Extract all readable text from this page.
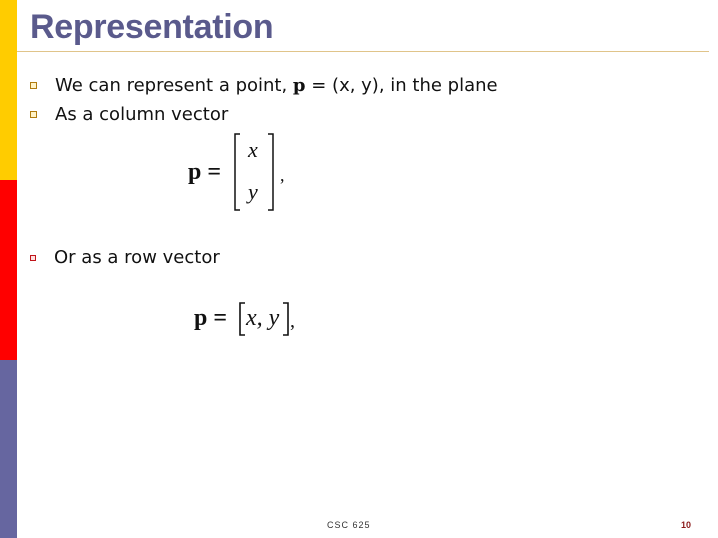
Representation
We can represent a point, p = (x, y), in the plane
As a column vector
p =
x
y
,
Or as a row vector
p = x, y ,
CSC 625	10
